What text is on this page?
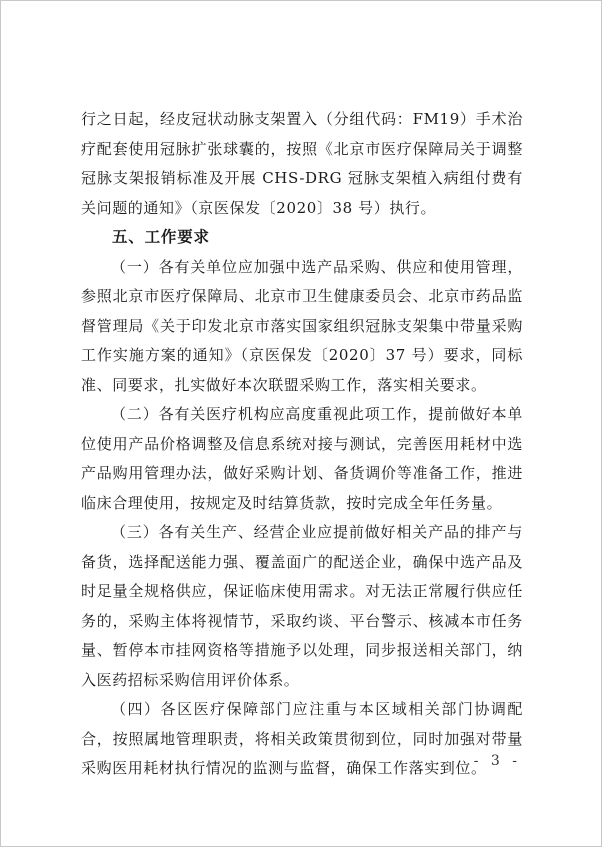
行之日起，经皮冠状动脉支架置入（分组代码：FM19）手术治疗配套使用冠脉扩张球囊的，按照《北京市医疗保障局关于调整冠脉支架报销标准及开展 CHS-DRG 冠脉支架植入病组付费有关问题的通知》（京医保发〔2020〕38 号）执行。

五、工作要求

（一）各有关单位应加强中选产品采购、供应和使用管理，参照北京市医疗保障局、北京市卫生健康委员会、北京市药品监督管理局《关于印发北京市落实国家组织冠脉支架集中带量采购工作实施方案的通知》（京医保发〔2020〕37 号）要求，同标准、同要求，扎实做好本次联盟采购工作，落实相关要求。

（二）各有关医疗机构应高度重视此项工作，提前做好本单位使用产品价格调整及信息系统对接与测试，完善医用耗材中选产品购用管理办法，做好采购计划、备货调价等准备工作，推进临床合理使用，按规定及时结算货款，按时完成全年任务量。

（三）各有关生产、经营企业应提前做好相关产品的排产与备货，选择配送能力强、覆盖面广的配送企业，确保中选产品及时足量全规格供应，保证临床使用需求。对无法正常履行供应任务的，采购主体将视情节，采取约谈、平台警示、核减本市任务量、暂停本市挂网资格等措施予以处理，同步报送相关部门，纳入医药招标采购信用评价体系。

（四）各区医疗保障部门应注重与本区域相关部门协调配合，按照属地管理职责，将相关政策贯彻到位，同时加强对带量采购医用耗材执行情况的监测与监督，确保工作落实到位。

- 3 -
